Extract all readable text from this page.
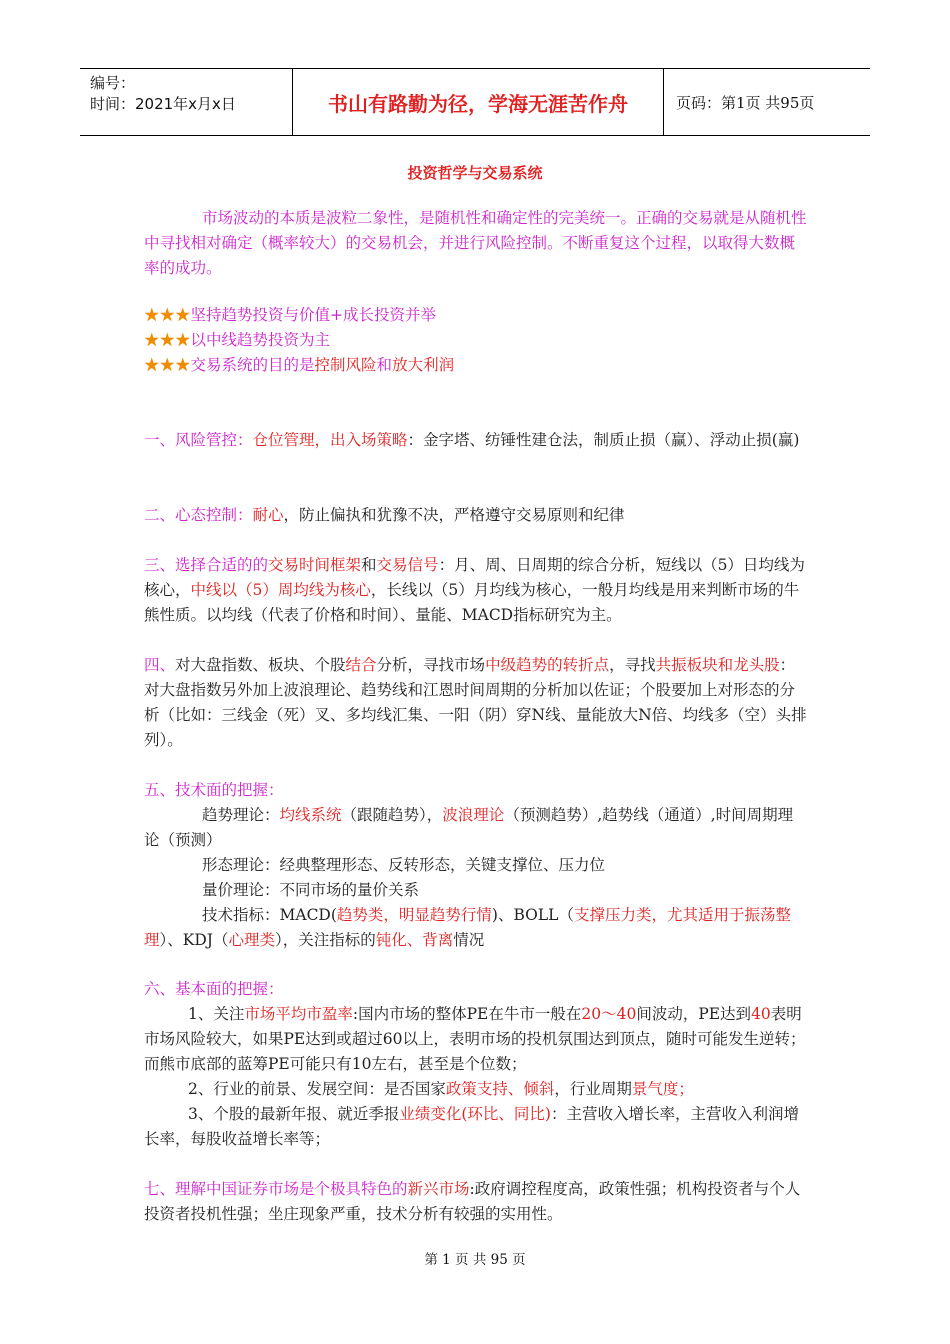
编号：
时间：2021年x月x日	书山有路勤为径，学海无涯苦作舟	页码：第1页 共95页
投资哲学与交易系统

市场波动的本质是波粒二象性，是随机性和确定性的完美统一。正确的交易就是从随机性中寻找相对确定（概率较大）的交易机会，并进行风险控制。不断重复这个过程，以取得大数概率的成功。

★★★坚持趋势投资与价值+成长投资并举

★★★以中线趋势投资为主

★★★交易系统的目的是控制风险和放大利润

一、风险管控：仓位管理，出入场策略：金字塔、纺锤性建仓法，制质止损（赢）、浮动止损(赢)

二、心态控制：耐心，防止偏执和犹豫不决，严格遵守交易原则和纪律

三、选择合适的的交易时间框架和交易信号：月、周、日周期的综合分析，短线以（5）日均线为核心，中线以（5）周均线为核心，长线以（5）月均线为核心，一般月均线是用来判断市场的牛熊性质。以均线（代表了价格和时间）、量能、MACD指标研究为主。

四、对大盘指数、板块、个股结合分析，寻找市场中级趋势的转折点，寻找共振板块和龙头股：对大盘指数另外加上波浪理论、趋势线和江恩时间周期的分析加以佐证；个股要加上对形态的分析（比如：三线金（死）叉、多均线汇集、一阳（阴）穿N线、量能放大N倍、均线多（空）头排列）。

五、技术面的把握：

趋势理论：均线系统（跟随趋势），波浪理论（预测趋势）,趋势线（通道）,时间周期理论（预测）

形态理论：经典整理形态、反转形态，关键支撑位、压力位

量价理论：不同市场的量价关系

技术指标：MACD(趋势类，明显趋势行情)、BOLL（支撑压力类，尤其适用于振荡整理）、KDJ（心理类），关注指标的钝化、背离情况

六、基本面的把握：

1、关注市场平均市盈率:国内市场的整体PE在牛市一般在20～40间波动，PE达到40表明市场风险较大，如果PE达到或超过60以上，表明市场的投机氛围达到顶点，随时可能发生逆转；而熊市底部的蓝筹PE可能只有10左右，甚至是个位数；

2、行业的前景、发展空间：是否国家政策支持、倾斜，行业周期景气度；

3、个股的最新年报、就近季报业绩变化(环比、同比)：主营收入增长率，主营收入利润增长率，每股收益增长率等；

七、理解中国证券市场是个极具特色的新兴市场:政府调控程度高，政策性强；机构投资者与个人投资者投机性强；坐庄现象严重，技术分析有较强的实用性。

第 1 页 共 95 页
